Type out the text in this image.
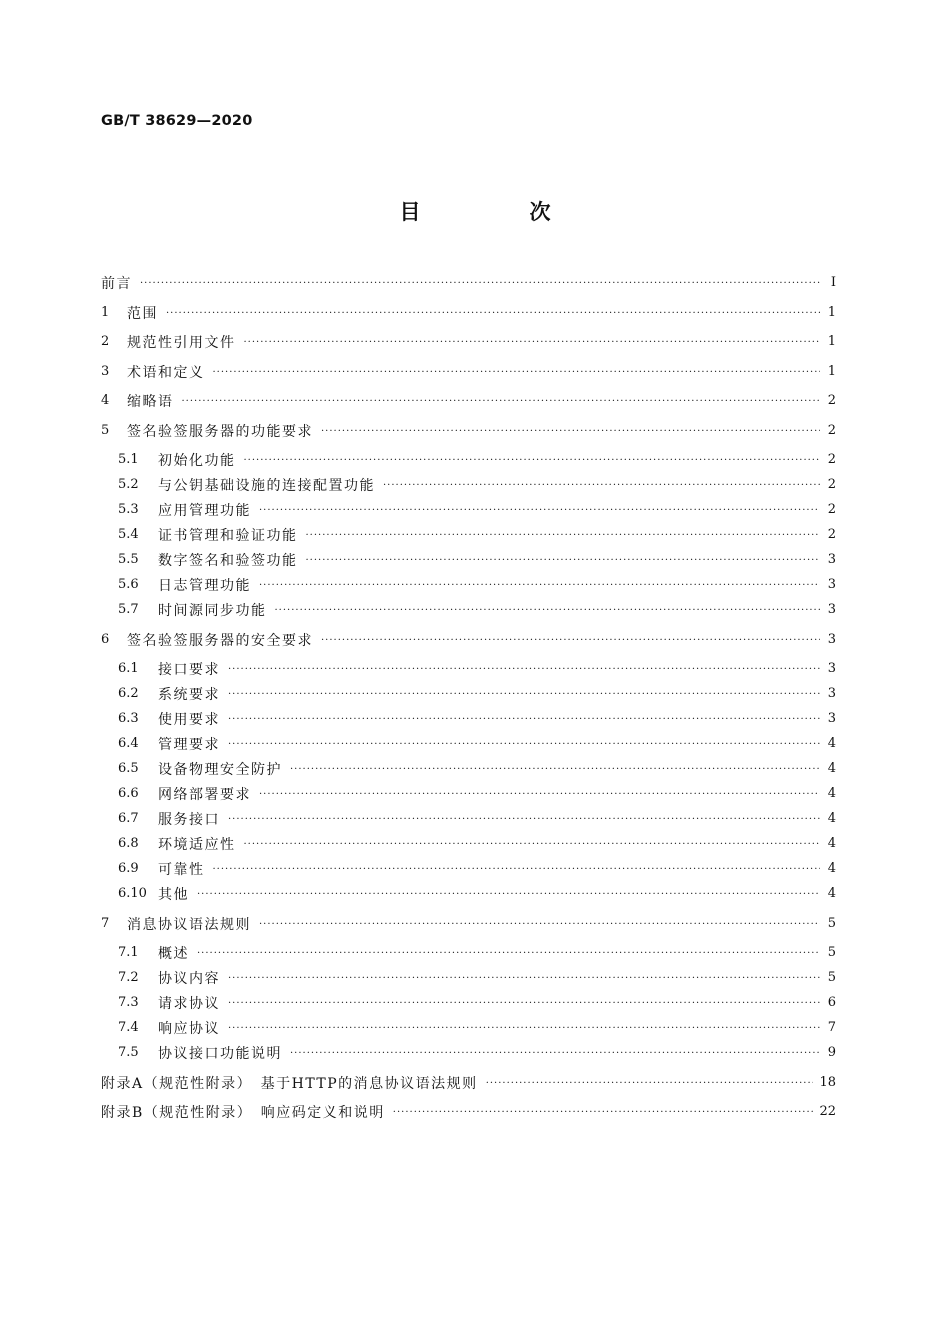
GB/T 38629—2020
目　次
前言 ·····	Ⅰ
1	范围 ·····	1
2	规范性引用文件 ·····	1
3	术语和定义 ·····	1
4	缩略语 ·····	2
5	签名验签服务器的功能要求 ·····	2
5.1	初始化功能 ·····	2
5.2	与公钥基础设施的连接配置功能 ·····	2
5.3	应用管理功能 ·····	2
5.4	证书管理和验证功能 ·····	2
5.5	数字签名和验签功能 ·····	3
5.6	日志管理功能 ·····	3
5.7	时间源同步功能 ·····	3
6	签名验签服务器的安全要求 ·····	3
6.1	接口要求 ·····	3
6.2	系统要求 ·····	3
6.3	使用要求 ·····	3
6.4	管理要求 ·····	4
6.5	设备物理安全防护 ·····	4
6.6	网络部署要求 ·····	4
6.7	服务接口 ·····	4
6.8	环境适应性 ·····	4
6.9	可靠性 ·····	4
6.10 其他 ·····	4
7	消息协议语法规则 ·····	5
7.1	概述 ·····	5
7.2	协议内容 ·····	5
7.3	请求协议 ·····	6
7.4	响应协议 ·····	7
7.5	协议接口功能说明 ·····	9
附录A（规范性附录）　基于HTTP的消息协议语法规则 ·····	18
附录B（规范性附录）　响应码定义和说明 ·····	22
